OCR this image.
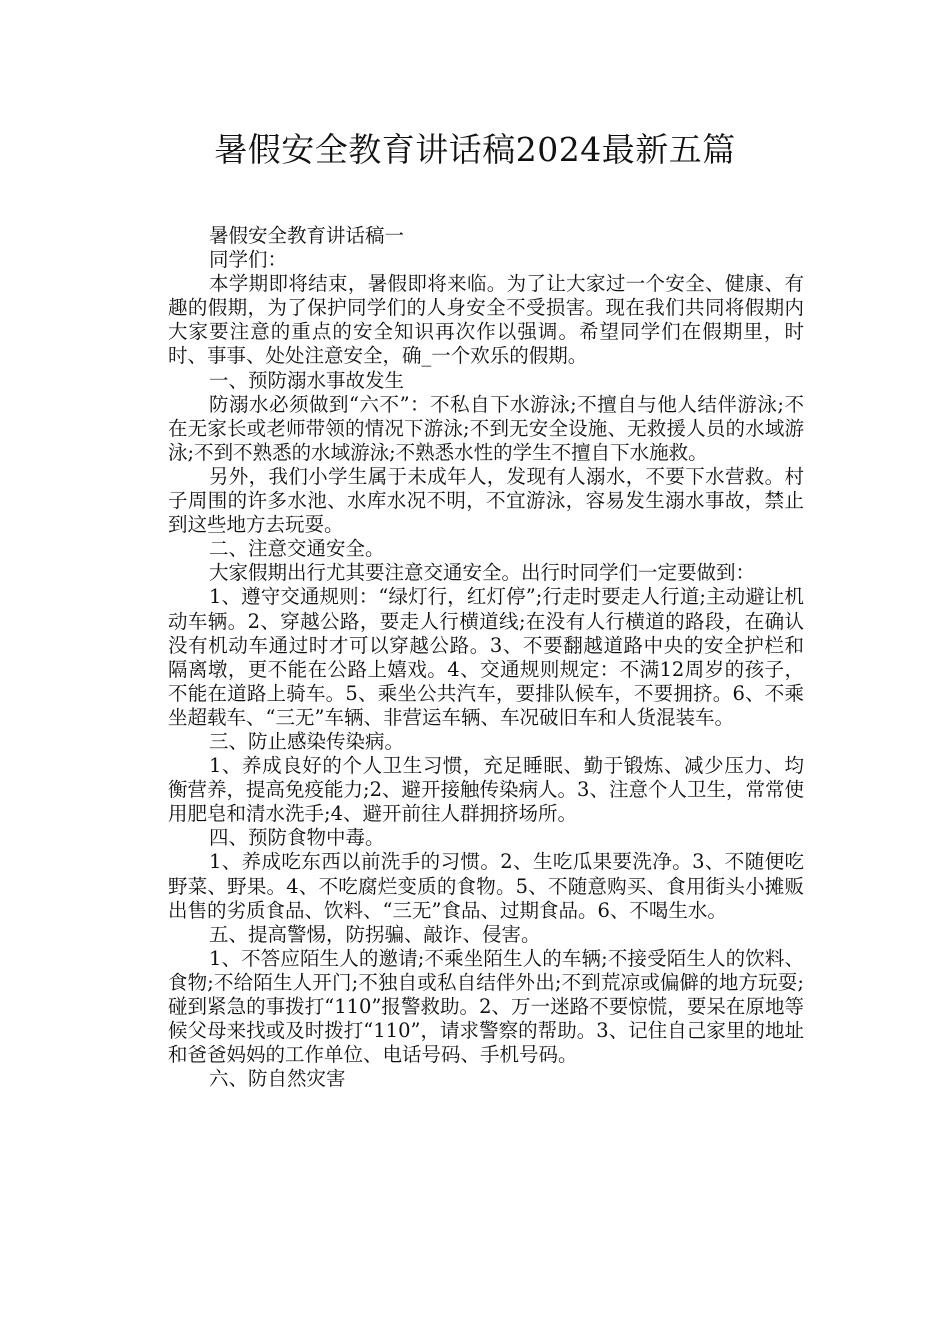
暑假安全教育讲话稿2024最新五篇

暑假安全教育讲话稿一

同学们：

本学期即将结束，暑假即将来临。为了让大家过一个安全、健康、有趣的假期，为了保护同学们的人身安全不受损害。现在我们共同将假期内大家要注意的重点的安全知识再次作以强调。希望同学们在假期里，时时、事事、处处注意安全，确_一个欢乐的假期。

一、预防溺水事故发生

防溺水必须做到“六不”：不私自下水游泳;不擅自与他人结伴游泳;不在无家长或老师带领的情况下游泳;不到无安全设施、无救援人员的水域游泳;不到不熟悉的水域游泳;不熟悉水性的学生不擅自下水施救。

另外，我们小学生属于未成年人，发现有人溺水，不要下水营救。村子周围的许多水池、水库水况不明，不宜游泳，容易发生溺水事故，禁止到这些地方去玩耍。

二、注意交通安全。

大家假期出行尤其要注意交通安全。出行时同学们一定要做到：

1、遵守交通规则：“绿灯行，红灯停”;行走时要走人行道;主动避让机动车辆。2、穿越公路，要走人行横道线;在没有人行横道的路段，在确认没有机动车通过时才可以穿越公路。3、不要翻越道路中央的安全护栏和隔离墩，更不能在公路上嬉戏。4、交通规则规定：不满12周岁的孩子，不能在道路上骑车。5、乘坐公共汽车，要排队候车，不要拥挤。6、不乘坐超载车、“三无”车辆、非营运车辆、车况破旧车和人货混装车。

三、防止感染传染病。

1、养成良好的个人卫生习惯，充足睡眠、勤于锻炼、减少压力、均衡营养，提高免疫能力;2、避开接触传染病人。3、注意个人卫生，常常使用肥皂和清水洗手;4、避开前往人群拥挤场所。

四、预防食物中毒。

1、养成吃东西以前洗手的习惯。2、生吃瓜果要洗净。3、不随便吃野菜、野果。4、不吃腐烂变质的食物。5、不随意购买、食用街头小摊贩出售的劣质食品、饮料、“三无”食品、过期食品。6、不喝生水。

五、提高警惕，防拐骗、敲诈、侵害。

1、不答应陌生人的邀请;不乘坐陌生人的车辆;不接受陌生人的饮料、食物;不给陌生人开门;不独自或私自结伴外出;不到荒凉或偏僻的地方玩耍;碰到紧急的事拨打“110”报警救助。2、万一迷路不要惊慌，要呆在原地等候父母来找或及时拨打“110”，请求警察的帮助。3、记住自己家里的地址和爸爸妈妈的工作单位、电话号码、手机号码。

六、防自然灾害
